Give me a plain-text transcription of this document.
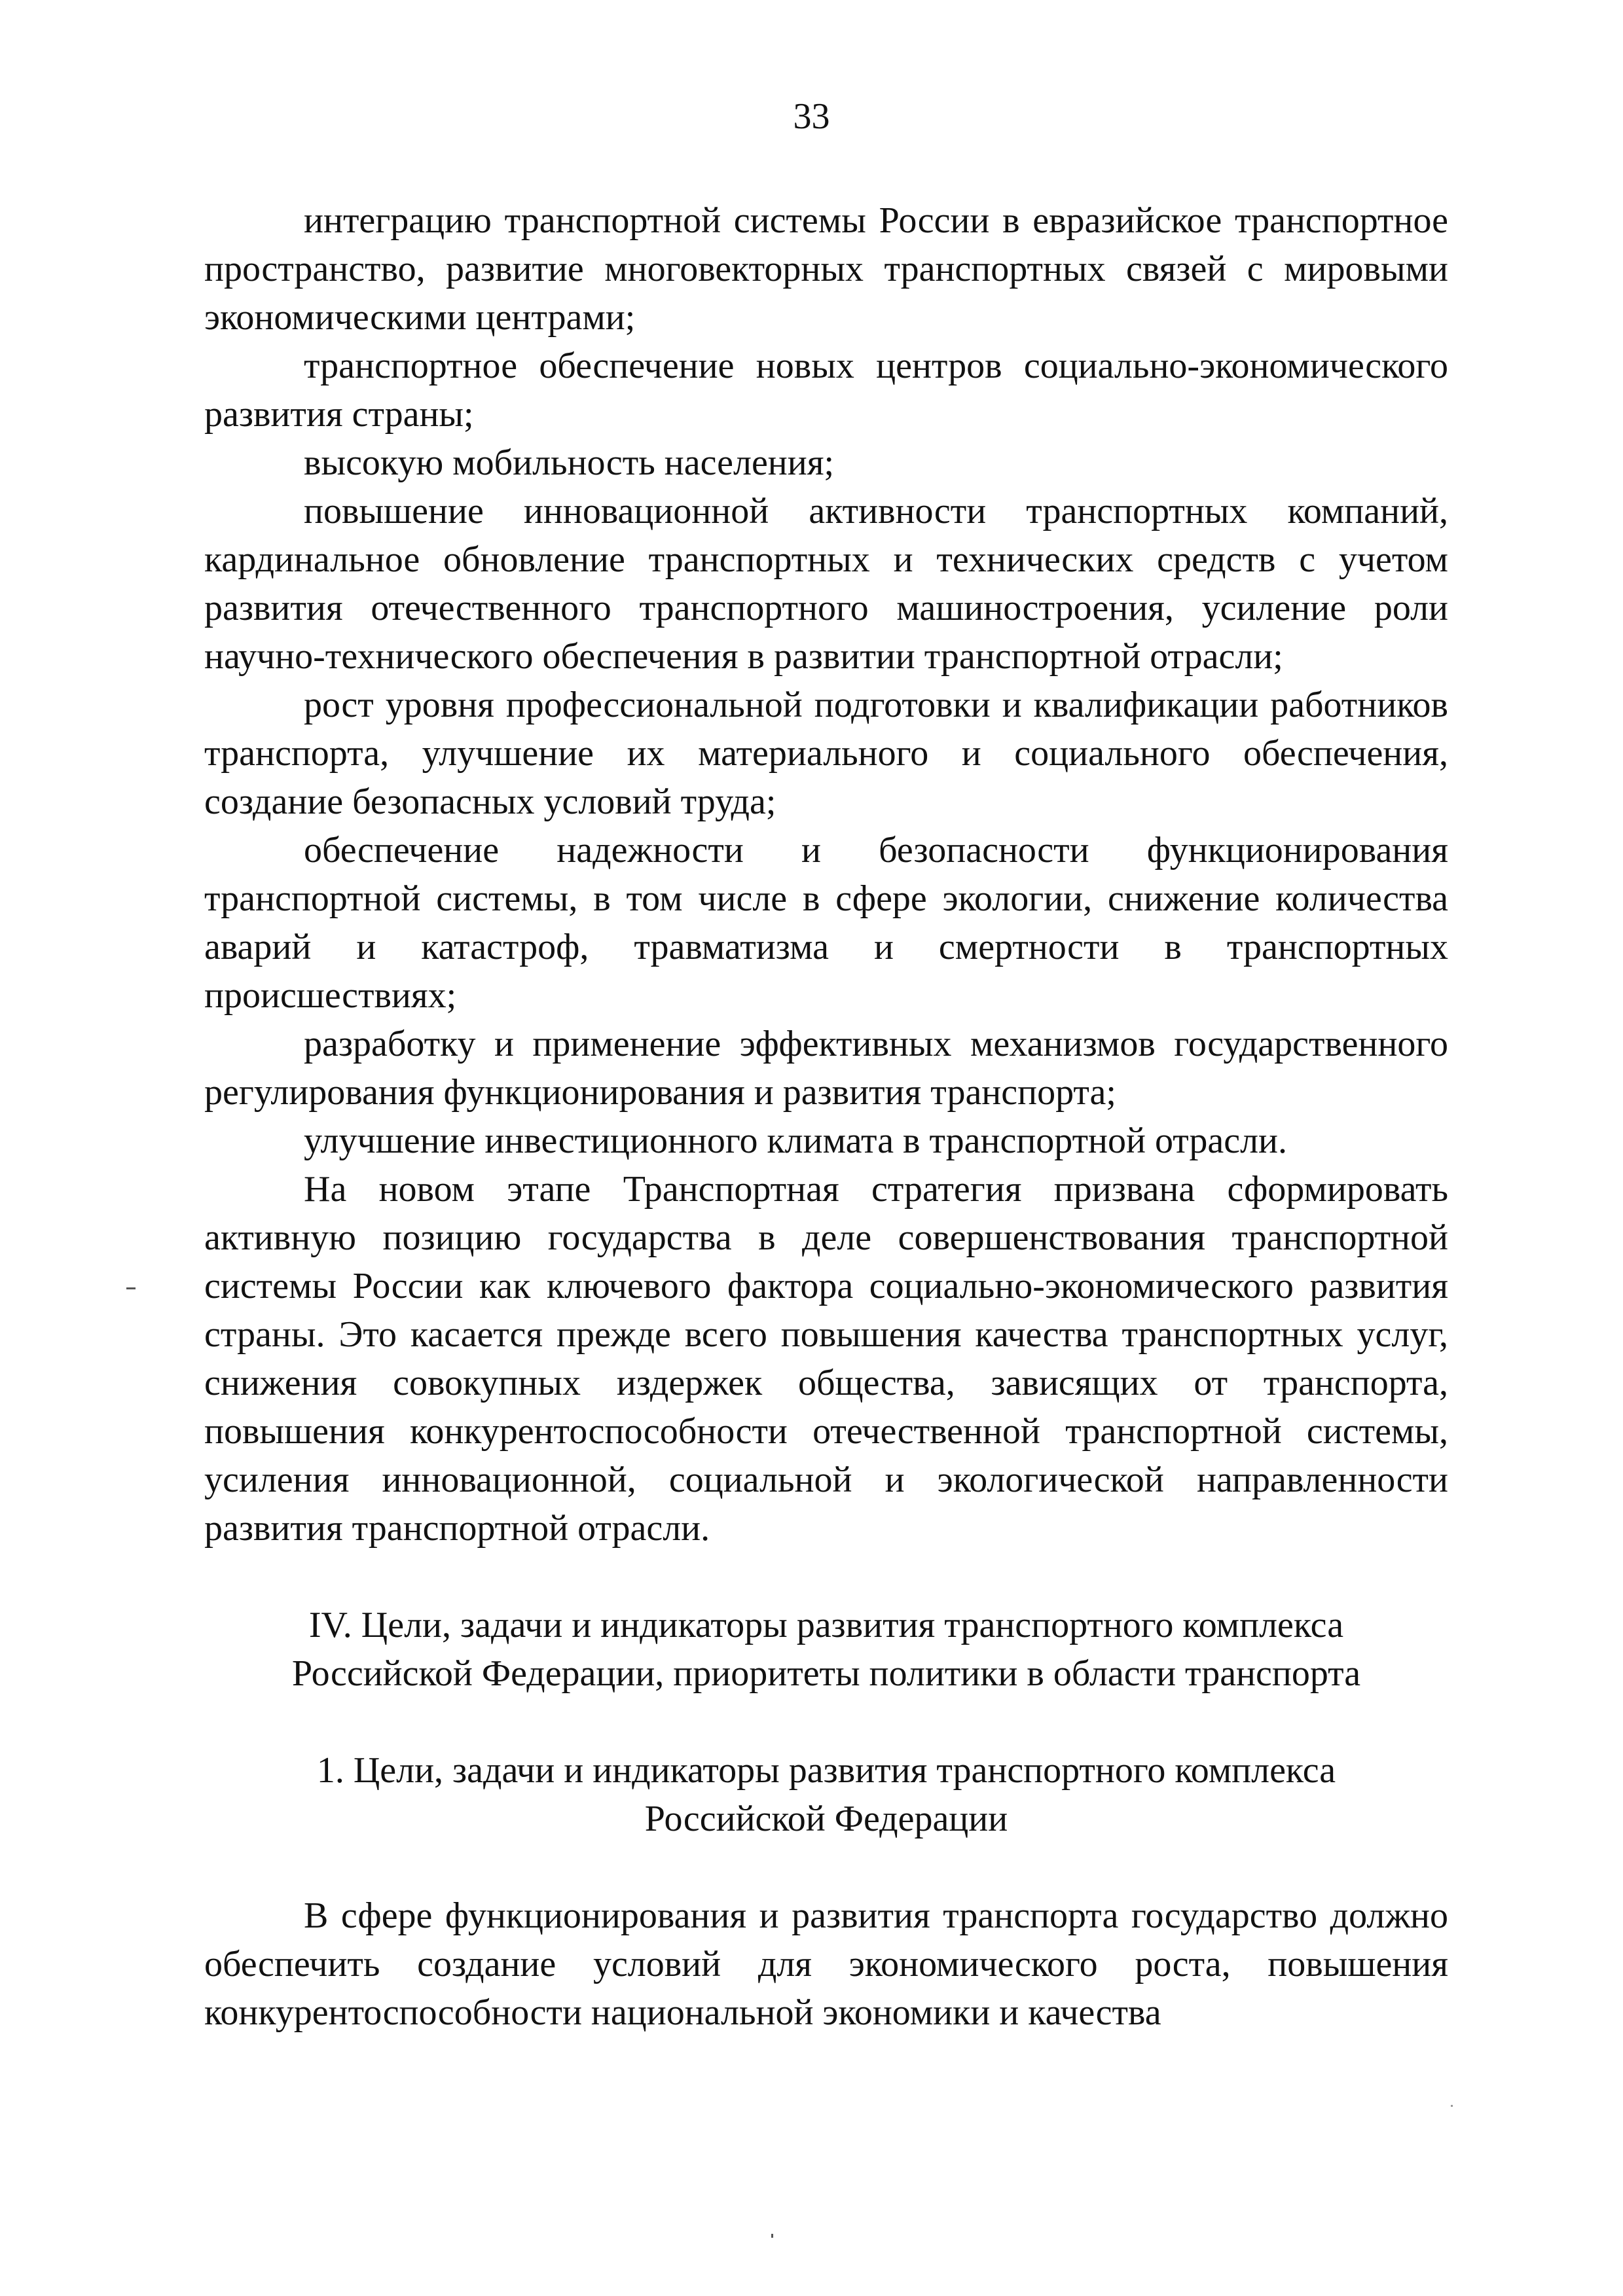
33

интеграцию транспортной системы России в евразийское транспортное пространство, развитие многовекторных транспортных связей с мировыми экономическими центрами;

транспортное обеспечение новых центров социально-экономического развития страны;

высокую мобильность населения;

повышение инновационной активности транспортных компаний, кардинальное обновление транспортных и технических средств с учетом развития отечественного транспортного машиностроения, усиление роли научно-технического обеспечения в развитии транспортной отрасли;

рост уровня профессиональной подготовки и квалификации работников транспорта, улучшение их материального и социального обеспечения, создание безопасных условий труда;

обеспечение надежности и безопасности функционирования транспортной системы, в том числе в сфере экологии, снижение количества аварий и катастроф, травматизма и смертности в транспортных происшествиях;

разработку и применение эффективных механизмов государственного регулирования функционирования и развития транспорта;

улучшение инвестиционного климата в транспортной отрасли.

На новом этапе Транспортная стратегия призвана сформировать активную позицию государства в деле совершенствования транспортной системы России как ключевого фактора социально-экономического развития страны. Это касается прежде всего повышения качества транспортных услуг, снижения совокупных издержек общества, зависящих от транспорта, повышения конкурентоспособности отечественной транспортной системы, усиления инновационной, социальной и экологической направленности развития транспортной отрасли.

IV. Цели, задачи и индикаторы развития транспортного комплекса

Российской Федерации, приоритеты политики в области транспорта

1. Цели, задачи и индикаторы развития транспортного комплекса

Российской Федерации

В сфере функционирования и развития транспорта государство должно обеспечить создание условий для экономического роста, повышения конкурентоспособности национальной экономики и качества
